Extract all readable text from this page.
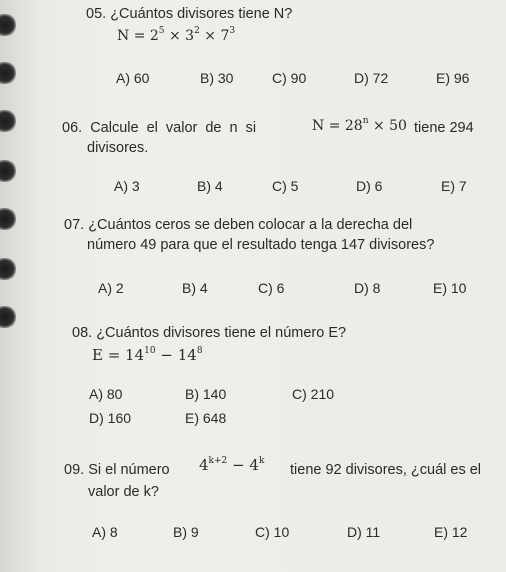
05. ¿Cuántos divisores tiene N?
$N = 2^5 \times 3^2 \times 7^3$
A) 60	B) 30	C) 90	D) 72	E) 96
06. Calcule el valor de n si	$N = 28^n \times 50$ tiene 294
divisores.
A) 3	B) 4	C) 5	D) 6	E) 7
07. ¿Cuántos ceros se deben colocar a la derecha del
número 49 para que el resultado tenga 147 divisores?
A) 2	B) 4	C) 6	D) 8	E) 10
08. ¿Cuántos divisores tiene el número E?
$E = 14^{10} - 14^8$
A) 80	B) 140	C) 210
D) 160	E) 648
09. Si el número $4^{k+2} - 4^k$
tiene 92 divisores, ¿cuál es el
valor de k?
A) 8	B) 9	C) 10	D) 11	E) 12
